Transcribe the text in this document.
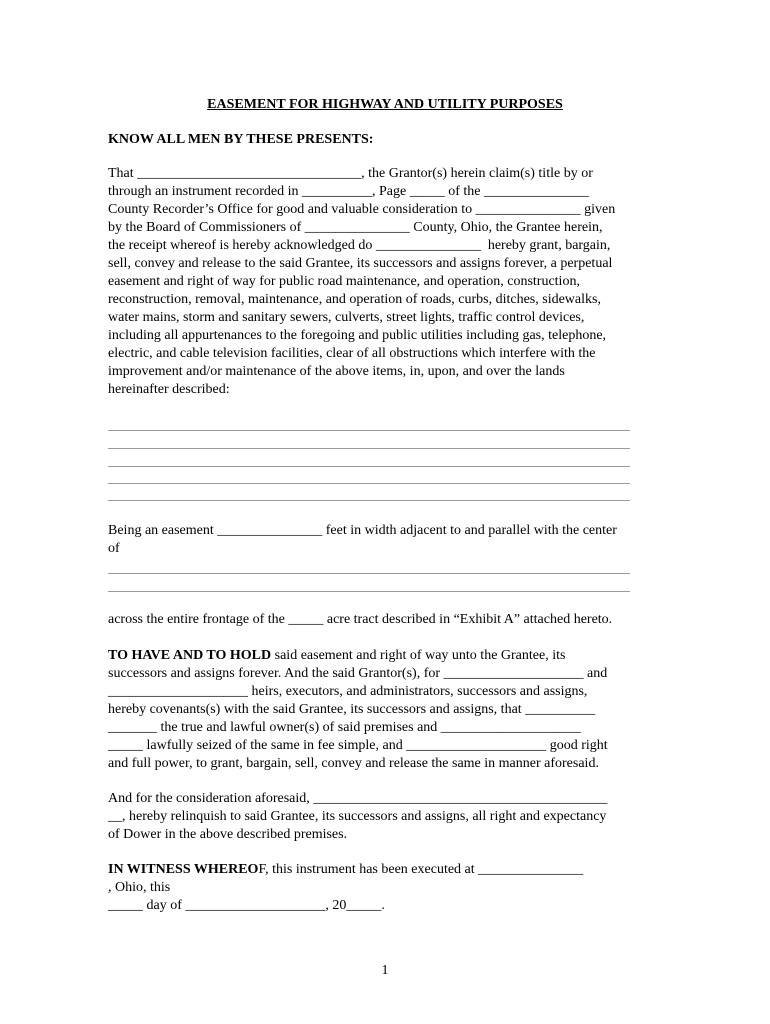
EASEMENT FOR HIGHWAY AND UTILITY PURPOSES
KNOW ALL MEN BY THESE PRESENTS:
That ________________________________, the Grantor(s) herein claim(s) title by or
through an instrument recorded in __________, Page _____ of the _______________
County Recorder’s Office for good and valuable consideration to _______________ given
by the Board of Commissioners of _______________ County, Ohio, the Grantee herein,
the receipt whereof is hereby acknowledged do _______________  hereby grant, bargain,
sell, convey and release to the said Grantee, its successors and assigns forever, a perpetual
easement and right of way for public road maintenance, and operation, construction,
reconstruction, removal, maintenance, and operation of roads, curbs, ditches, sidewalks,
water mains, storm and sanitary sewers, culverts, street lights, traffic control devices,
including all appurtenances to the foregoing and public utilities including gas, telephone,
electric, and cable television facilities, clear of all obstructions which interfere with the
improvement and/or maintenance of the above items, in, upon, and over the lands
hereinafter described:
Being an easement _______________ feet in width adjacent to and parallel with the center
of
across the entire frontage of the _____ acre tract described in “Exhibit A” attached hereto.
TO HAVE AND TO HOLD said easement and right of way unto the Grantee, its
successors and assigns forever. And the said Grantor(s), for ____________________ and
____________________ heirs, executors, and administrators, successors and assigns,
hereby covenants(s) with the said Grantee, its successors and assigns, that __________
_______ the true and lawful owner(s) of said premises and ____________________
_____ lawfully seized of the same in fee simple, and ____________________ good right
and full power, to grant, bargain, sell, convey and release the same in manner aforesaid.
And for the consideration aforesaid, __________________________________________
__, hereby relinquish to said Grantee, its successors and assigns, all right and expectancy
of Dower in the above described premises.
IN WITNESS WHEREOF, this instrument has been executed at _______________
, Ohio, this
_____ day of ____________________, 20_____.
1
